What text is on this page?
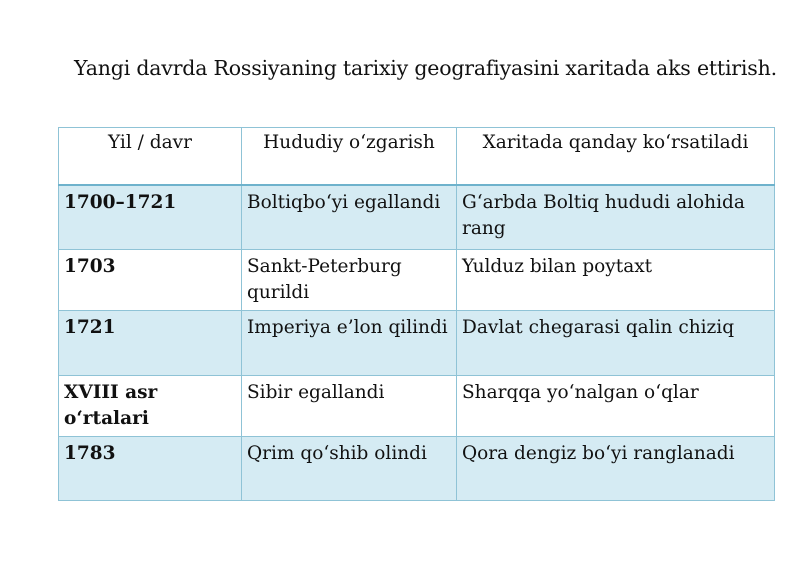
Yangi davrda Rossiyaning tarixiy geografiyasini xaritada aks ettirish.
Yil / davr	Hududiy o‘zgarish	Xaritada qanday ko‘rsatiladi
1700–1721	Boltiqbo‘yi egallandi	G‘arbda Boltiq hududi alohida rang
1703	Sankt-Peterburg qurildi	Yulduz bilan poytaxt
1721	Imperiya e’lon qilindi	Davlat chegarasi qalin chiziq
XVIII asr o‘rtalari	Sibir egallandi	Sharqqa yo‘nalgan o‘qlar
1783	Qrim qo‘shib olindi	Qora dengiz bo‘yi ranglanadi
